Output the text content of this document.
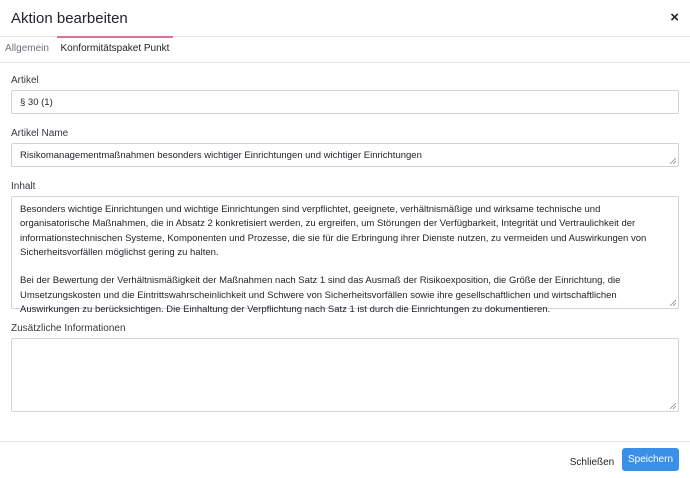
Aktion bearbeiten	×
Allgemein	Konformitätspaket Punkt
Artikel
§ 30 (1)
Artikel Name
Risikomanagementmaßnahmen besonders wichtiger Einrichtungen und wichtiger Einrichtungen
Inhalt
Besonders wichtige Einrichtungen und wichtige Einrichtungen sind verpflichtet, geeignete, verhältnismäßige und wirksame technische und organisatorische Maßnahmen, die in Absatz 2 konkretisiert werden, zu ergreifen, um Störungen der Verfügbarkeit, Integrität und Vertraulichkeit der informationstechnischen Systeme, Komponenten und Prozesse, die sie für die Erbringung ihrer Dienste nutzen, zu vermeiden und Auswirkungen von Sicherheitsvorfällen möglichst gering zu halten.

Bei der Bewertung der Verhältnismäßigkeit der Maßnahmen nach Satz 1 sind das Ausmaß der Risikoexposition, die Größe der Einrichtung, die Umsetzungskosten und die Eintrittswahrscheinlichkeit und Schwere von Sicherheitsvorfällen sowie ihre gesellschaftlichen und wirtschaftlichen Auswirkungen zu berücksichtigen. Die Einhaltung der Verpflichtung nach Satz 1 ist durch die Einrichtungen zu dokumentieren.
Zusätzliche Informationen
Schließen	Speichern
